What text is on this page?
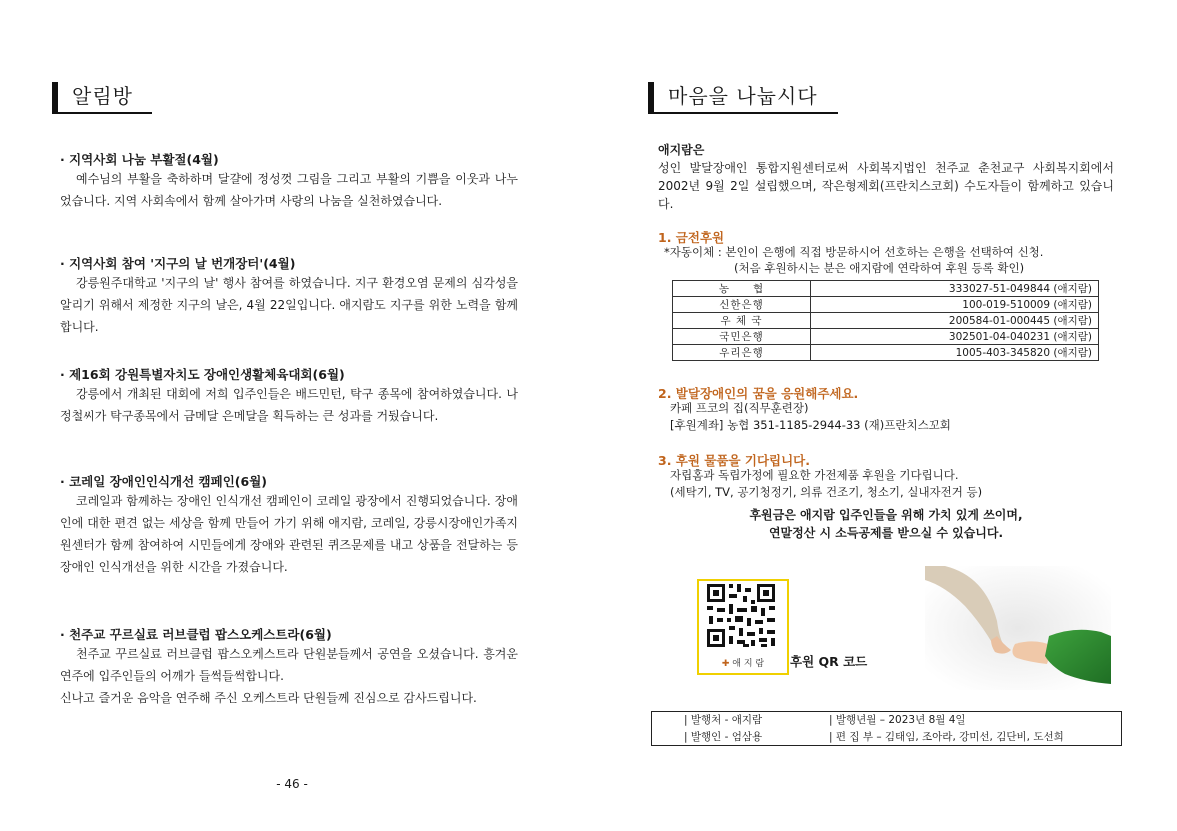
알림방
· 지역사회 나눔 부활절(4월)
예수님의 부활을 축하하며 달걀에 정성껏 그림을 그리고 부활의 기쁨을 이웃과 나누었습니다. 지역 사회속에서 함께 살아가며 사랑의 나눔을 실천하였습니다.
· 지역사회 참여 '지구의 날 번개장터'(4월)
강릉원주대학교 '지구의 날' 행사 참여를 하였습니다. 지구 환경오염 문제의 심각성을 알리기 위해서 제정한 지구의 날은, 4월 22일입니다. 애지람도 지구를 위한 노력을 함께 합니다.
· 제16회 강원특별자치도 장애인생활체육대회(6월)
강릉에서 개최된 대회에 저희 입주인들은 배드민턴, 탁구 종목에 참여하였습니다. 나정철씨가 탁구종목에서 금메달 은메달을 획득하는 큰 성과를 거뒀습니다.
· 코레일 장애인인식개선 캠페인(6월)
코레일과 함께하는 장애인 인식개선 캠페인이 코레일 광장에서 진행되었습니다. 장애인에 대한 편견 없는 세상을 함께 만들어 가기 위해 애지람, 코레일, 강릉시장애인가족지원센터가 함께 참여하여 시민들에게 장애와 관련된 퀴즈문제를 내고 상품을 전달하는 등 장애인 인식개선을 위한 시간을 가졌습니다.
· 천주교 꾸르실료 러브클럽 팝스오케스트라(6월)
천주교 꾸르실료 러브클럽 팝스오케스트라 단원분들께서 공연을 오셨습니다. 흥겨운 연주에 입주인들의 어깨가 들썩들썩합니다.
신나고 즐거운 음악을 연주해 주신 오케스트라 단원들께 진심으로 감사드립니다.
- 46 -
마음을 나눕시다
애지람은
성인 발달장애인 통합지원센터로써 사회복지법인 천주교 춘천교구 사회복지회에서 2002년 9월 2일 설립했으며, 작은형제회(프란치스코회) 수도자들이 함께하고 있습니다.
1. 금전후원
*자동이체 : 본인이 은행에 직접 방문하시어 선호하는 은행을 선택하여 신청.
(처음 후원하시는 분은 애지람에 연락하여 후원 등록 확인)
농　　협	333027-51-049844 (애지람)
신한은행	100-019-510009 (애지람)
우 체 국	200584-01-000445 (애지람)
국민은행	302501-04-040231 (애지람)
우리은행	1005-403-345820 (애지람)
2. 발달장애인의 꿈을 응원해주세요.
카페 프코의 집(직무훈련장)
[후원계좌] 농협 351-1185-2944-33 (재)프란치스꼬회
3. 후원 물품을 기다립니다.
자립홈과 독립가정에 필요한 가전제품 후원을 기다립니다.
(세탁기, TV, 공기청정기, 의류 건조기, 청소기, 실내자전거 등)
후원금은 애지람 입주인들을 위해 가치 있게 쓰이며,
연말정산 시 소득공제를 받으실 수 있습니다.
✚ 애 지 람	후원 QR 코드
| 발행처 - 애지람	| 발행년월 – 2023년 8월 4일
| 발행인 - 엄삼용	| 편 집 부 – 김태임, 조아라, 강미선, 김단비, 도선희
